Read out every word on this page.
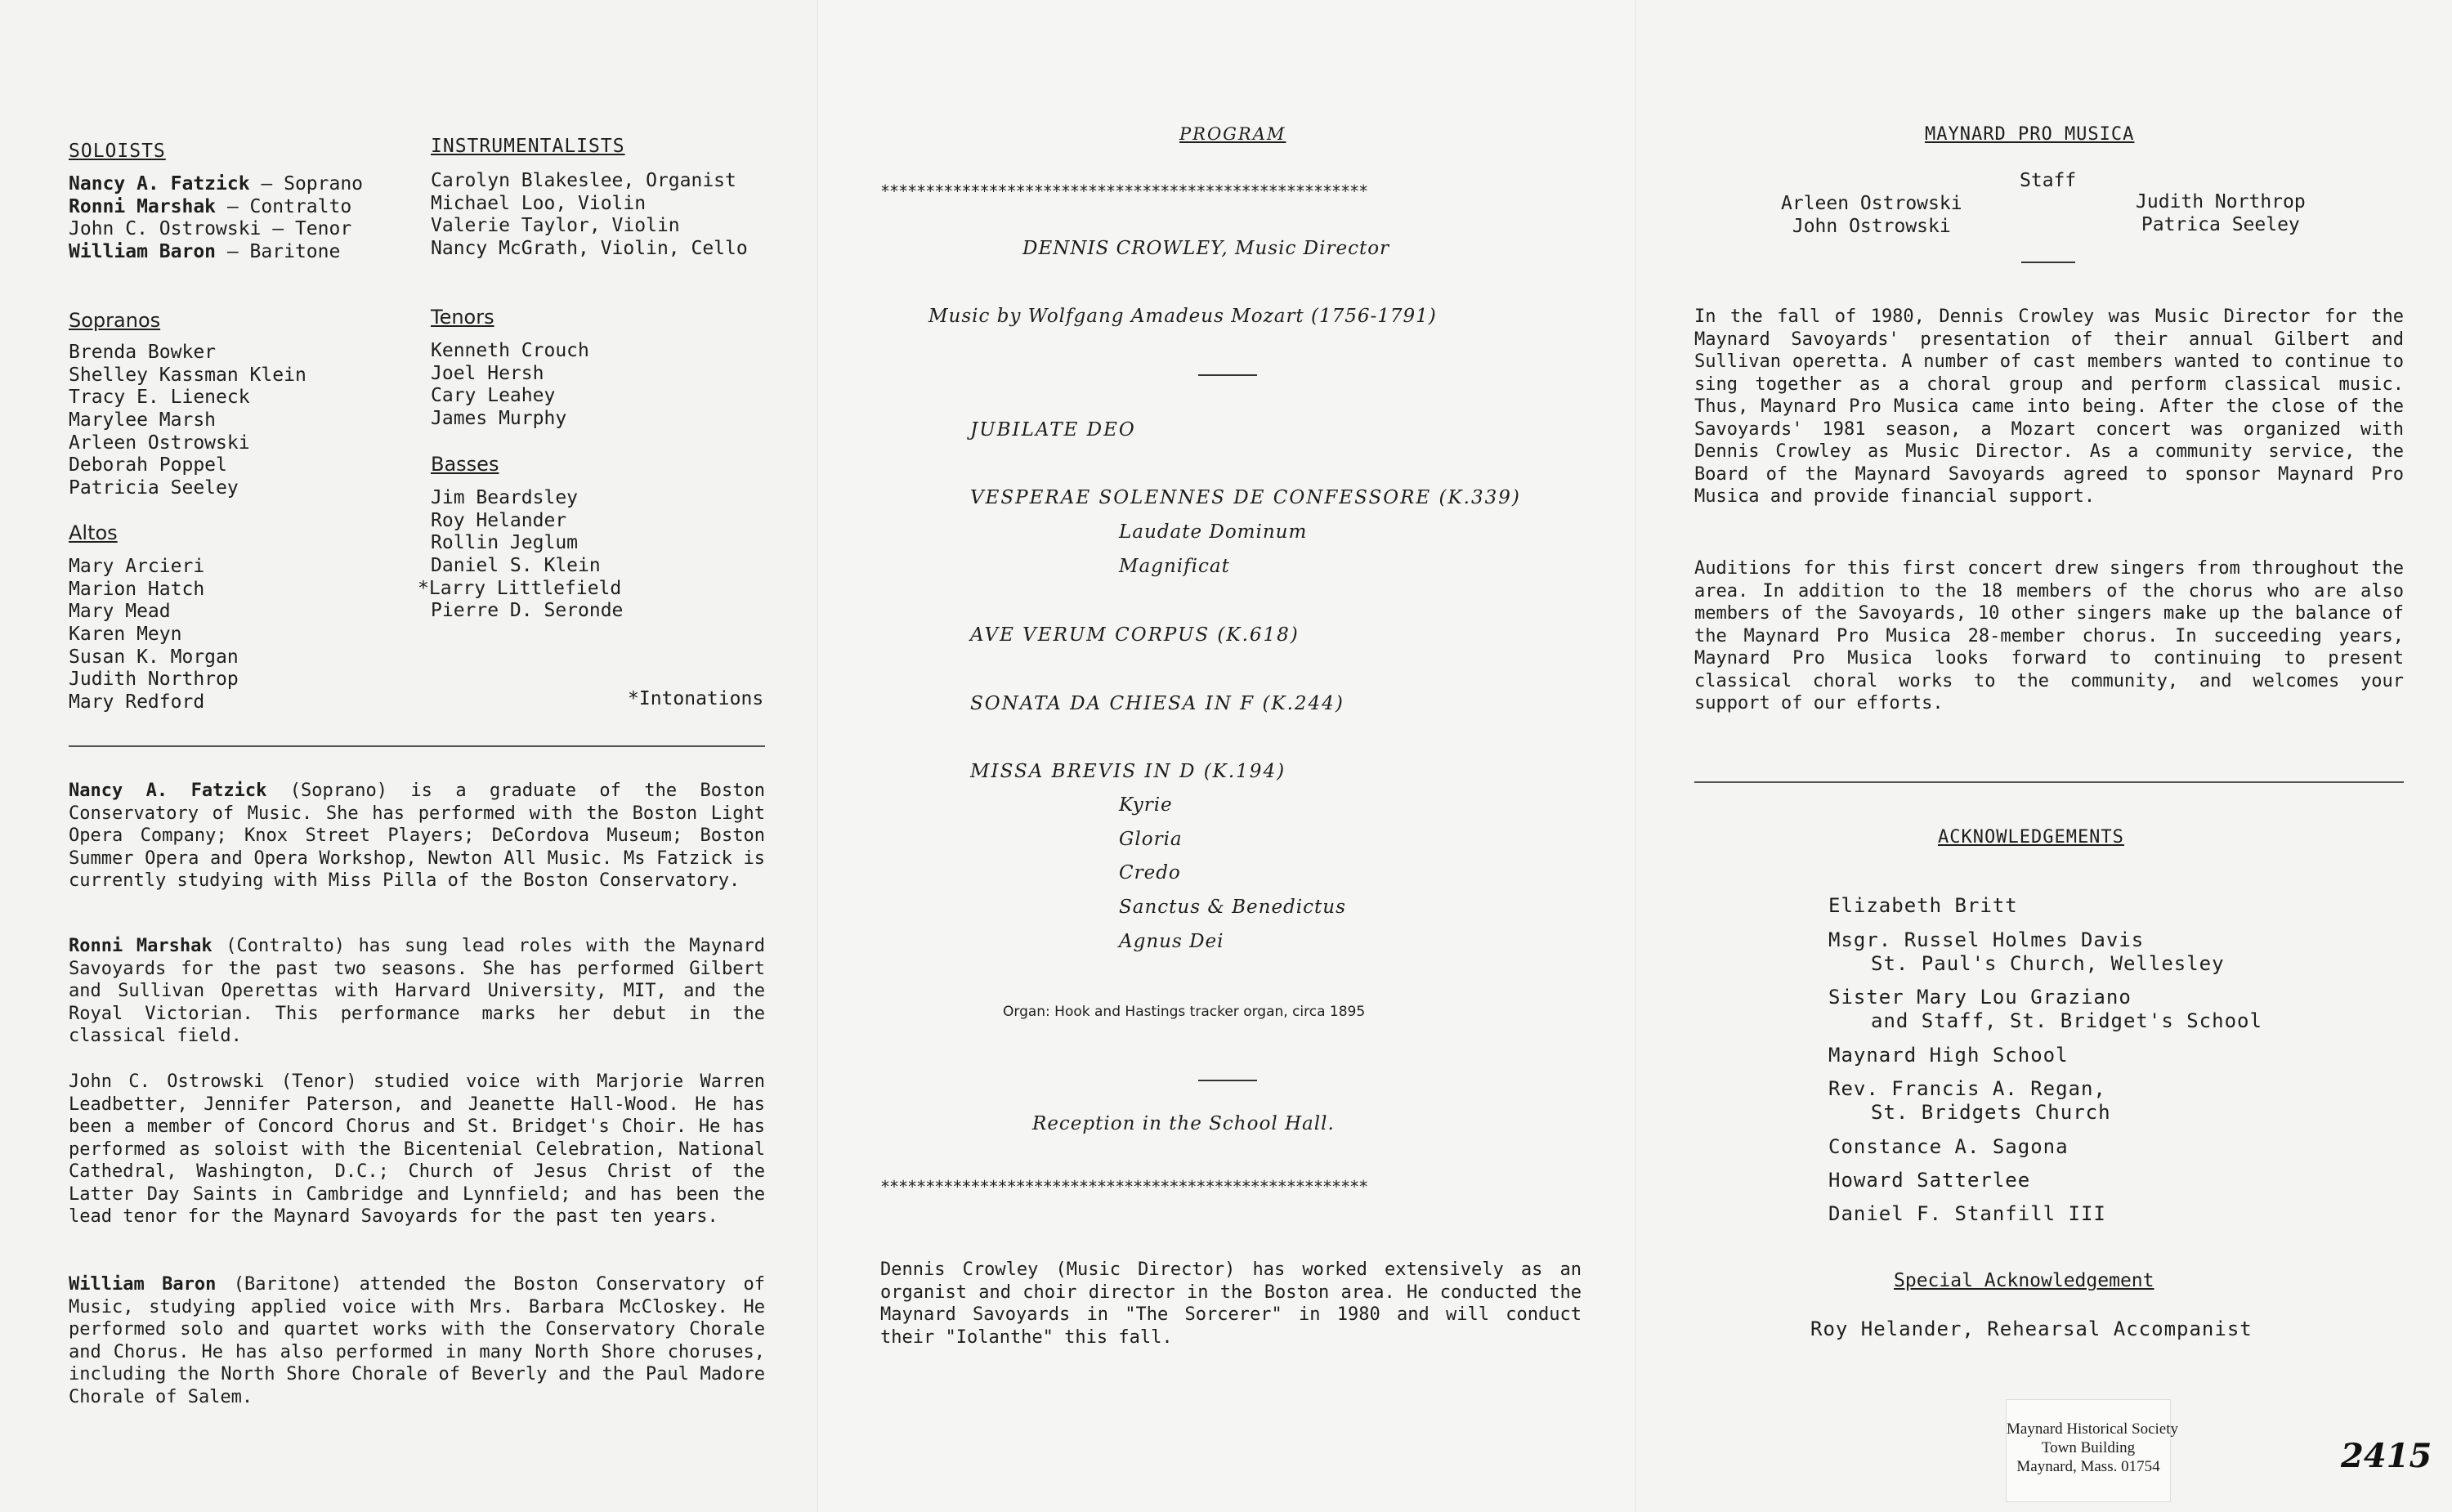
SOLOISTS
Nancy A. Fatzick – Soprano
Ronni Marshak – Contralto
John C. Ostrowski – Tenor
William Baron – Baritone
INSTRUMENTALISTS
Carolyn Blakeslee, Organist
Michael Loo, Violin
Valerie Taylor, Violin
Nancy McGrath, Violin, Cello
Sopranos
Brenda Bowker
Shelley Kassman Klein
Tracy E. Lieneck
Marylee Marsh
Arleen Ostrowski
Deborah Poppel
Patricia Seeley
Tenors
Kenneth Crouch
Joel Hersh
Cary Leahey
James Murphy
Basses
Jim Beardsley
Roy Helander
Rollin Jeglum
Daniel S. Klein
*Larry Littlefield
Pierre D. Seronde
Altos
Mary Arcieri
Marion Hatch
Mary Mead
Karen Meyn
Susan K. Morgan
Judith Northrop
Mary Redford	*Intonations
Nancy A. Fatzick (Soprano) is a graduate of the Boston Conservatory of Music. She has performed with the Boston Light Opera Company; Knox Street Players; DeCordova Museum; Boston Summer Opera and Opera Workshop, Newton All Music. Ms Fatzick is currently studying with Miss Pilla of the Boston Conservatory.
Ronni Marshak (Contralto) has sung lead roles with the Maynard Savoyards for the past two seasons. She has performed Gilbert and Sullivan Operettas with Harvard University, MIT, and the Royal Victorian. This performance marks her debut in the classical field.
John C. Ostrowski (Tenor) studied voice with Marjorie Warren Leadbetter, Jennifer Paterson, and Jeanette Hall-Wood. He has been a member of Concord Chorus and St. Bridget's Choir. He has performed as soloist with the Bicentenial Celebration, National Cathedral, Washington, D.C.; Church of Jesus Christ of the Latter Day Saints in Cambridge and Lynnfield; and has been the lead tenor for the Maynard Savoyards for the past ten years.
William Baron (Baritone) attended the Boston Conservatory of Music, studying applied voice with Mrs. Barbara McCloskey. He performed solo and quartet works with the Conservatory Chorale and Chorus. He has also performed in many North Shore choruses, including the North Shore Chorale of Beverly and the Paul Madore Chorale of Salem.
PROGRAM
******************************************************
DENNIS CROWLEY, Music Director
Music by Wolfgang Amadeus Mozart (1756-1791)
JUBILATE DEO
VESPERAE SOLENNES DE CONFESSORE (K.339)
Laudate Dominum
Magnificat
AVE VERUM CORPUS (K.618)
SONATA DA CHIESA IN F (K.244)
MISSA BREVIS IN D (K.194)
Kyrie
Gloria
Credo
Sanctus & Benedictus
Agnus Dei
Organ: Hook and Hastings tracker organ, circa 1895
Reception in the School Hall.
******************************************************
Dennis Crowley (Music Director) has worked extensively as an organist and choir director in the Boston area. He conducted the Maynard Savoyards in "The Sorcerer" in 1980 and will conduct their "Iolanthe" this fall.
MAYNARD PRO MUSICA
Staff
Arleen Ostrowski
John Ostrowski
Judith Northrop
Patrica Seeley
In the fall of 1980, Dennis Crowley was Music Director for the Maynard Savoyards' presentation of their annual Gilbert and Sullivan operetta. A number of cast members wanted to continue to sing together as a choral group and perform classical music. Thus, Maynard Pro Musica came into being. After the close of the Savoyards' 1981 season, a Mozart concert was organized with Dennis Crowley as Music Director. As a community service, the Board of the Maynard Savoyards agreed to sponsor Maynard Pro Musica and provide financial support.
Auditions for this first concert drew singers from throughout the area. In addition to the 18 members of the chorus who are also members of the Savoyards, 10 other singers make up the balance of the Maynard Pro Musica 28-member chorus. In succeeding years, Maynard Pro Musica looks forward to continuing to present classical choral works to the community, and welcomes your support of our efforts.
ACKNOWLEDGEMENTS
Elizabeth Britt
Msgr. Russel Holmes Davis
St. Paul's Church, Wellesley
Sister Mary Lou Graziano
and Staff, St. Bridget's School
Maynard High School
Rev. Francis A. Regan,
St. Bridgets Church
Constance A. Sagona
Howard Satterlee
Daniel F. Stanfill III
Special Acknowledgement
Roy Helander, Rehearsal Accompanist
Maynard Historical Society
Town Building
Maynard, Mass. 01754	2415
